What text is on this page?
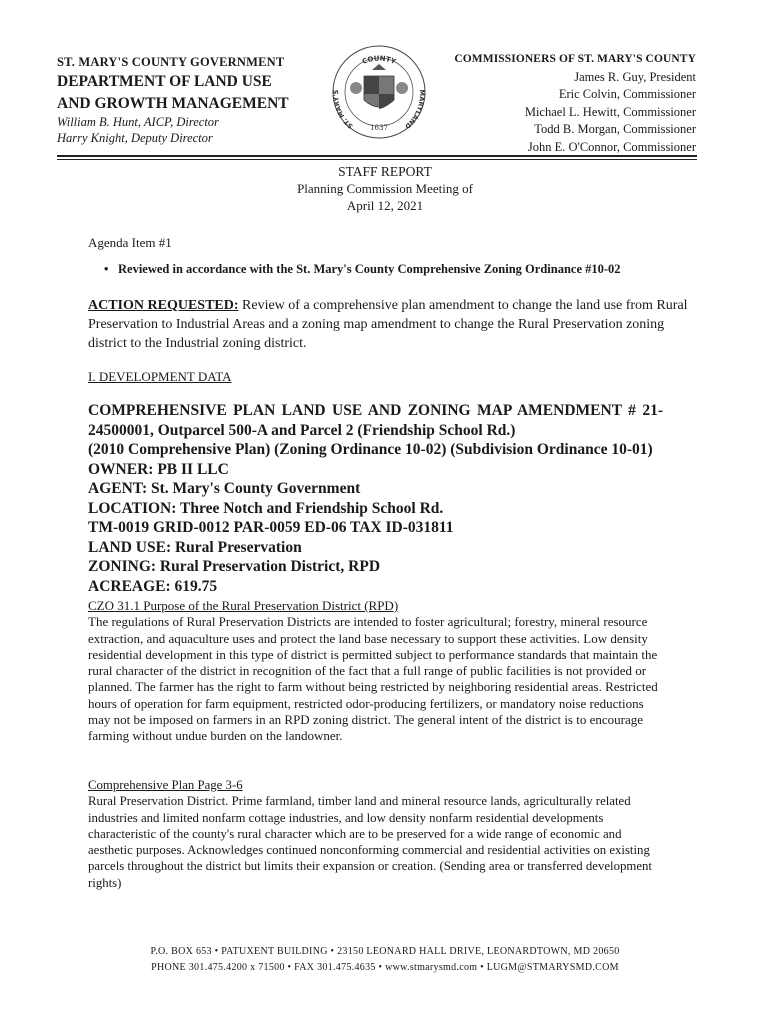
ST. MARY'S COUNTY GOVERNMENT
DEPARTMENT OF LAND USE
AND GROWTH MANAGEMENT
William B. Hunt, AICP, Director
Harry Knight, Deputy Director
COUNTY
ST. MARY'S	MARYLAND
1637
COMMISSIONERS OF ST. MARY'S COUNTY
James R. Guy, President
Eric Colvin, Commissioner
Michael L. Hewitt, Commissioner
Todd B. Morgan, Commissioner
John E. O'Connor, Commissioner
STAFF REPORT
Planning Commission Meeting of
April 12, 2021
Agenda Item #1
• Reviewed in accordance with the St. Mary's County Comprehensive Zoning Ordinance #10-02
ACTION REQUESTED: Review of a comprehensive plan amendment to change the land use from Rural Preservation to Industrial Areas and a zoning map amendment to change the Rural Preservation zoning district to the Industrial zoning district.
I. DEVELOPMENT DATA
COMPREHENSIVE PLAN LAND USE AND ZONING MAP AMENDMENT # 21-
24500001, Outparcel 500-A and Parcel 2 (Friendship School Rd.)
(2010 Comprehensive Plan) (Zoning Ordinance 10-02) (Subdivision Ordinance 10-01)
OWNER: PB II LLC
AGENT: St. Mary's County Government
LOCATION: Three Notch and Friendship School Rd.
TM-0019 GRID-0012 PAR-0059 ED-06 TAX ID-031811
LAND USE: Rural Preservation
ZONING: Rural Preservation District, RPD
ACREAGE: 619.75
CZO 31.1 Purpose of the Rural Preservation District (RPD)
The regulations of Rural Preservation Districts are intended to foster agricultural; forestry, mineral resource extraction, and aquaculture uses and protect the land base necessary to support these activities. Low density residential development in this type of district is permitted subject to performance standards that maintain the rural character of the district in recognition of the fact that a full range of public facilities is not provided or planned. The farmer has the right to farm without being restricted by neighboring residential areas. Restricted hours of operation for farm equipment, restricted odor-producing fertilizers, or mandatory noise reductions may not be imposed on farmers in an RPD zoning district. The general intent of the district is to encourage farming without undue burden on the landowner.
Comprehensive Plan Page 3-6
Rural Preservation District. Prime farmland, timber land and mineral resource lands, agriculturally related industries and limited nonfarm cottage industries, and low density nonfarm residential developments characteristic of the county's rural character which are to be preserved for a wide range of economic and aesthetic purposes. Acknowledges continued nonconforming commercial and residential activities on existing parcels throughout the district but limits their expansion or creation. (Sending area or transferred development rights)
P.O. BOX 653 • PATUXENT BUILDING • 23150 LEONARD HALL DRIVE, LEONARDTOWN, MD 20650
PHONE 301.475.4200 x 71500 • FAX 301.475.4635 • www.stmarysmd.com • LUGM@STMARYSMD.COM
